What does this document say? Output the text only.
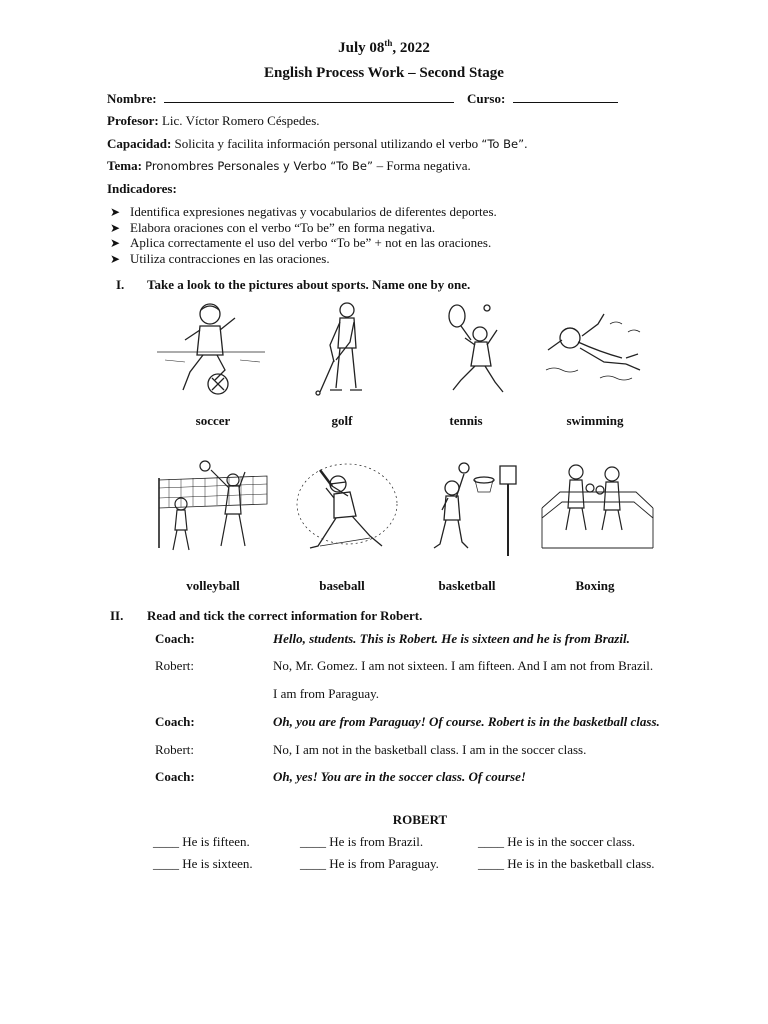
July 08th, 2022
English Process Work – Second Stage
Nombre:	Curso:
Profesor: Lic. Víctor Romero Céspedes.
Capacidad: Solicita y facilita información personal utilizando el verbo “To Be”.
Tema: Pronombres Personales y Verbo “To Be” – Forma negativa.
Indicadores:
➤ Identifica expresiones negativas y vocabularios de diferentes deportes.
➤ Elabora oraciones con el verbo “To be” en forma negativa.
➤ Aplica correctamente el uso del verbo “To be” + not en las oraciones.
➤ Utiliza contracciones en las oraciones.
I. Take a look to the pictures about sports. Name one by one.
soccer	golf	tennis	swimming
volleyball	baseball	basketball	Boxing
II. Read and tick the correct information for Robert.
Coach:	Hello, students. This is Robert. He is sixteen and he is from Brazil.
Robert:	No, Mr. Gomez. I am not sixteen. I am fifteen. And I am not from Brazil.
I am from Paraguay.
Coach:	Oh, you are from Paraguay! Of course. Robert is in the basketball class.
Robert:	No, I am not in the basketball class. I am in the soccer class.
Coach:	Oh, yes! You are in the soccer class. Of course!
ROBERT
____ He is fifteen.	____ He is from Brazil.	____ He is in the soccer class.
____ He is sixteen.	____ He is from Paraguay.	____ He is in the basketball class.
